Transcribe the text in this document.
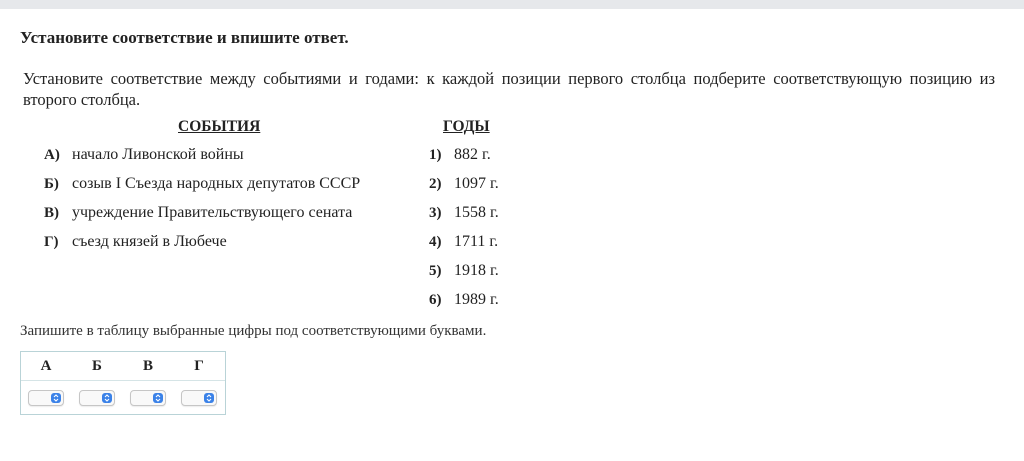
Установите соответствие и впишите ответ.
Установите соответствие между событиями и годами: к каждой позиции первого столбца подберите соответствующую позицию из второго столбца.
СОБЫТИЯ	ГОДЫ
А) начало Ливонской войны
Б) созыв I Съезда народных депутатов СССР
В) учреждение Правительствующего сената
Г) съезд князей в Любече
1) 882 г.
2) 1097 г.
3) 1558 г.
4) 1711 г.
5) 1918 г.
6) 1989 г.
Запишите в таблицу выбранные цифры под соответствующими буквами.
А	Б	В	Г
